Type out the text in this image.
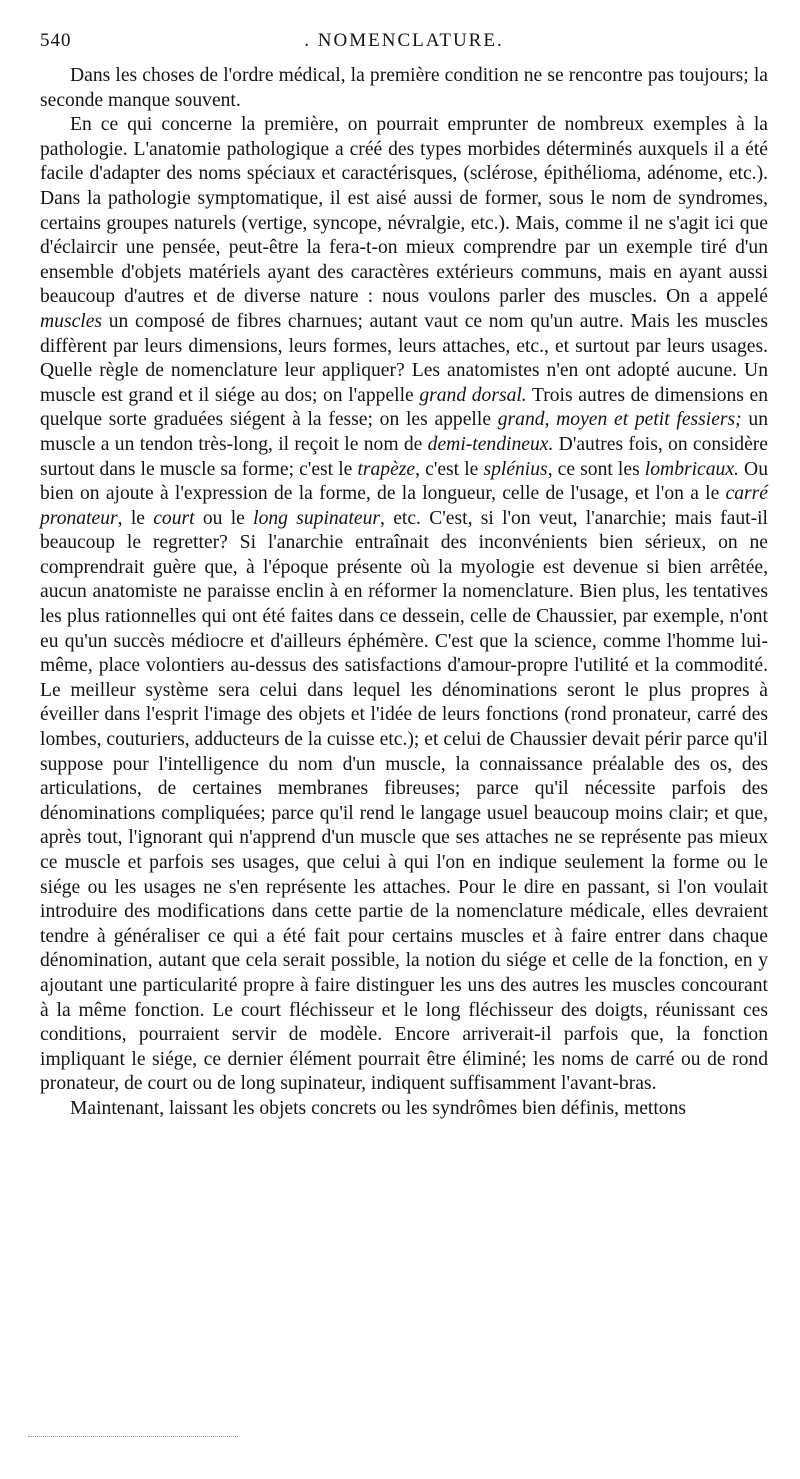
540	. NOMENCLATURE.

Dans les choses de l'ordre médical, la première condition ne se rencontre pas toujours; la seconde manque souvent.

En ce qui concerne la première, on pourrait emprunter de nombreux exemples à la pathologie. L'anatomie pathologique a créé des types morbides déterminés auxquels il a été facile d'adapter des noms spéciaux et caractérisques, (sclérose, épithélioma, adénome, etc.). Dans la pathologie symptomatique, il est aisé aussi de former, sous le nom de syndromes, certains groupes naturels (vertige, syncope, névralgie, etc.). Mais, comme il ne s'agit ici que d'éclaircir une pensée, peut-être la fera-t-on mieux comprendre par un exemple tiré d'un ensemble d'objets matériels ayant des caractères extérieurs communs, mais en ayant aussi beaucoup d'autres et de diverse nature : nous voulons parler des muscles. On a appelé muscles un composé de fibres charnues; autant vaut ce nom qu'un autre. Mais les muscles diffèrent par leurs dimensions, leurs formes, leurs attaches, etc., et surtout par leurs usages. Quelle règle de nomenclature leur appliquer? Les anatomistes n'en ont adopté aucune. Un muscle est grand et il siége au dos; on l'appelle grand dorsal. Trois autres de dimensions en quelque sorte graduées siégent à la fesse; on les appelle grand, moyen et petit fessiers; un muscle a un tendon très-long, il reçoit le nom de demi-tendineux. D'autres fois, on considère surtout dans le muscle sa forme; c'est le trapèze, c'est le splénius, ce sont les lombricaux. Ou bien on ajoute à l'expression de la forme, de la longueur, celle de l'usage, et l'on a le carré pronateur, le court ou le long supinateur, etc. C'est, si l'on veut, l'anarchie; mais faut-il beaucoup le regretter? Si l'anarchie entraînait des inconvénients bien sérieux, on ne comprendrait guère que, à l'époque présente où la myologie est devenue si bien arrêtée, aucun anatomiste ne paraisse enclin à en réformer la nomenclature. Bien plus, les tentatives les plus rationnelles qui ont été faites dans ce dessein, celle de Chaussier, par exemple, n'ont eu qu'un succès médiocre et d'ailleurs éphémère. C'est que la science, comme l'homme lui-même, place volontiers au-dessus des satisfactions d'amour-propre l'utilité et la commodité. Le meilleur système sera celui dans lequel les dénominations seront le plus propres à éveiller dans l'esprit l'image des objets et l'idée de leurs fonctions (rond pronateur, carré des lombes, couturiers, adducteurs de la cuisse etc.); et celui de Chaussier devait périr parce qu'il suppose pour l'intelligence du nom d'un muscle, la connaissance préalable des os, des articulations, de certaines membranes fibreuses; parce qu'il nécessite parfois des dénominations compliquées; parce qu'il rend le langage usuel beaucoup moins clair; et que, après tout, l'ignorant qui n'apprend d'un muscle que ses attaches ne se représente pas mieux ce muscle et parfois ses usages, que celui à qui l'on en indique seulement la forme ou le siége ou les usages ne s'en représente les attaches. Pour le dire en passant, si l'on voulait introduire des modifications dans cette partie de la nomenclature médicale, elles devraient tendre à généraliser ce qui a été fait pour certains muscles et à faire entrer dans chaque dénomination, autant que cela serait possible, la notion du siége et celle de la fonction, en y ajoutant une particularité propre à faire distinguer les uns des autres les muscles concourant à la même fonction. Le court fléchisseur et le long fléchisseur des doigts, réunissant ces conditions, pourraient servir de modèle. Encore arriverait-il parfois que, la fonction impliquant le siége, ce dernier élément pourrait être éliminé; les noms de carré ou de rond pronateur, de court ou de long supinateur, indiquent suffisamment l'avant-bras.

Maintenant, laissant les objets concrets ou les syndrômes bien définis, mettons
